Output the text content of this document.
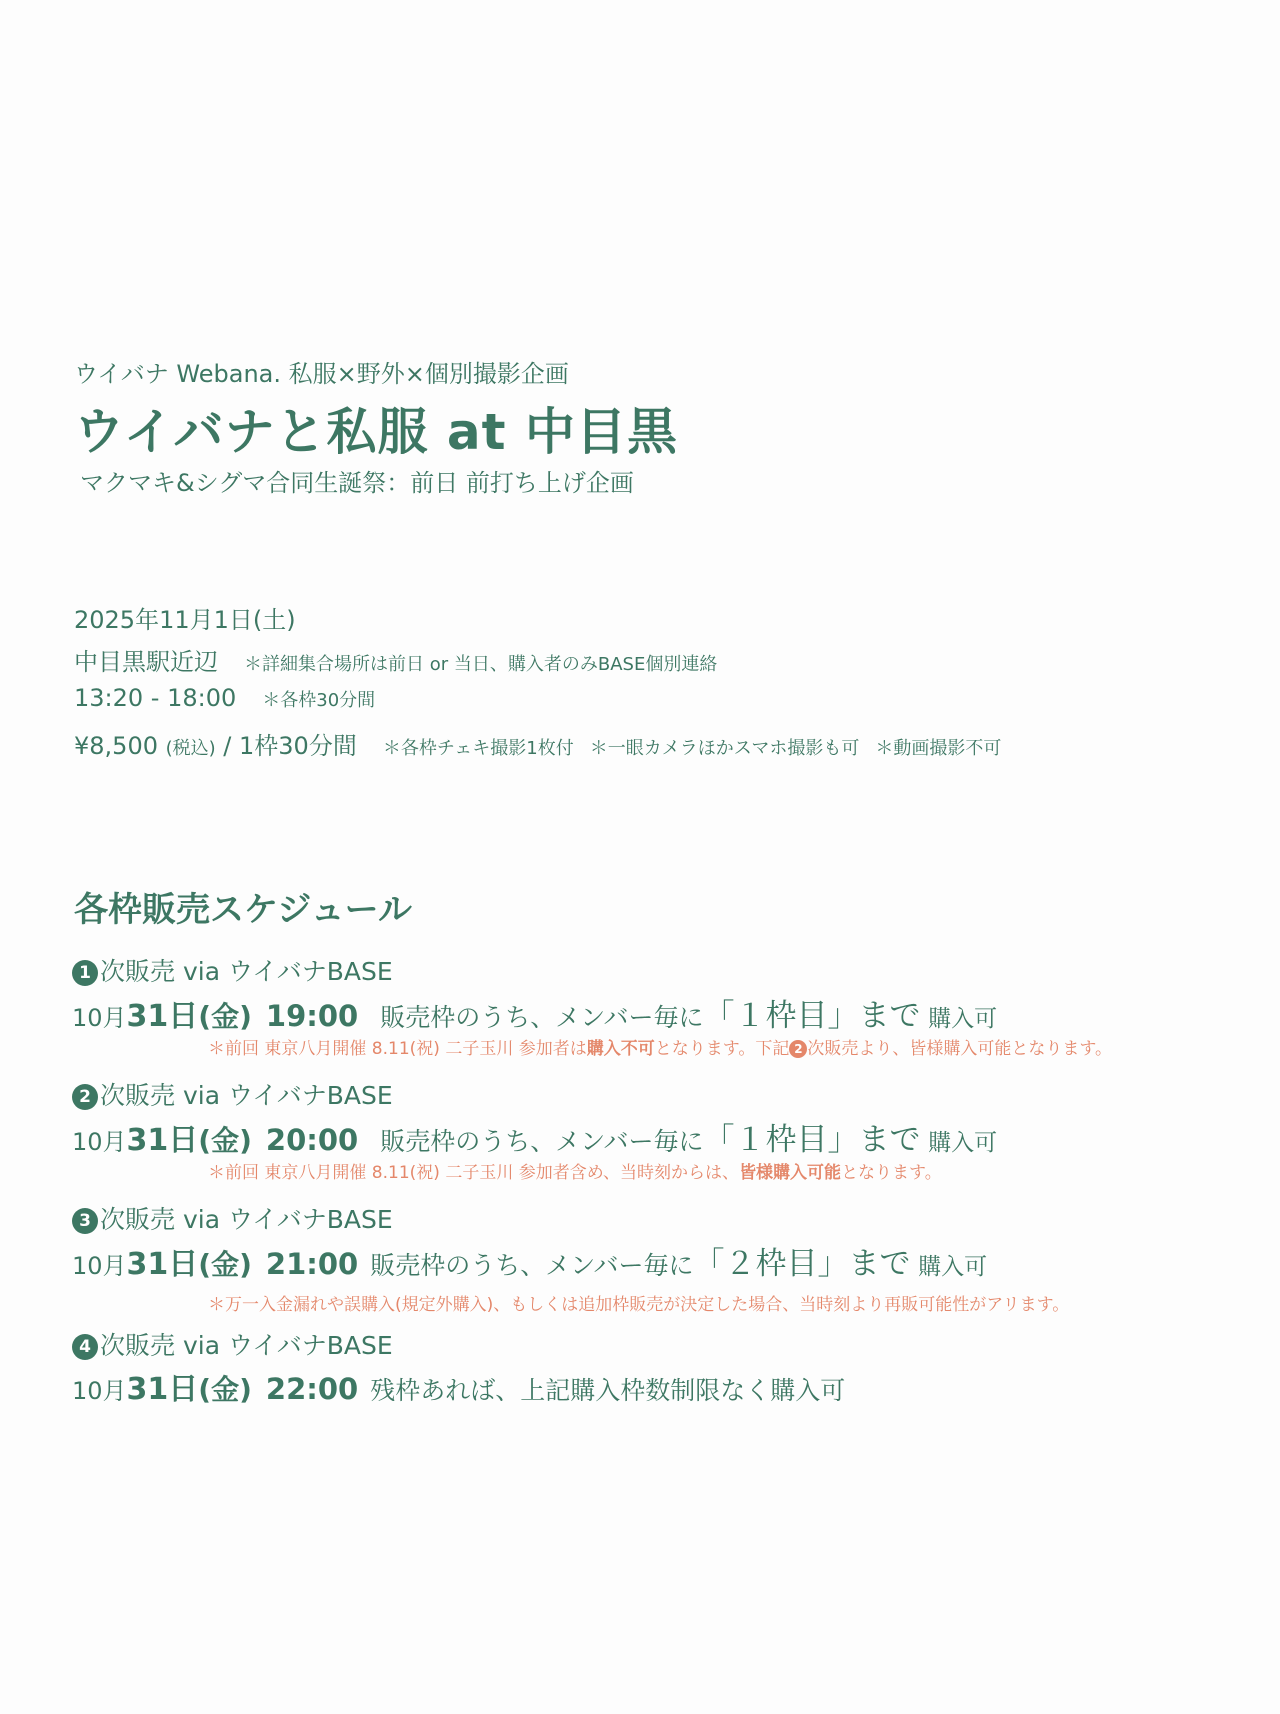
ウイバナ Webana. 私服×野外×個別撮影企画
ウイバナと私服 at 中目黒
マクマキ&シグマ合同生誕祭：前日 前打ち上げ企画
2025年11月1日(土)
中目黒駅近辺 ＊詳細集合場所は前日 or 当日、購入者のみBASE個別連絡
13:20 - 18:00 ＊各枠30分間
¥8,500 (税込) / 1枠30分間 ＊各枠チェキ撮影1枚付 ＊一眼カメラほかスマホ撮影も可 ＊動画撮影不可
各枠販売スケジュール
1 次販売 via ウイバナBASE
10月31日(金) 19:00 販売枠のうち、メンバー毎に「１枠目」まで 購入可
＊前回 東京八月開催 8.11(祝) 二子玉川 参加者は購入不可となります。下記 2 次販売より、皆様購入可能となります。
2 次販売 via ウイバナBASE
10月31日(金) 20:00 販売枠のうち、メンバー毎に「１枠目」まで 購入可
＊前回 東京八月開催 8.11(祝) 二子玉川 参加者含め、当時刻からは、皆様購入可能となります。
3 次販売 via ウイバナBASE
10月31日(金) 21:00 販売枠のうち、メンバー毎に「２枠目」まで 購入可
＊万一入金漏れや誤購入(規定外購入)、もしくは追加枠販売が決定した場合、当時刻より再販可能性がアリます。
4 次販売 via ウイバナBASE
10月31日(金) 22:00 残枠あれば、上記購入枠数制限なく購入可
